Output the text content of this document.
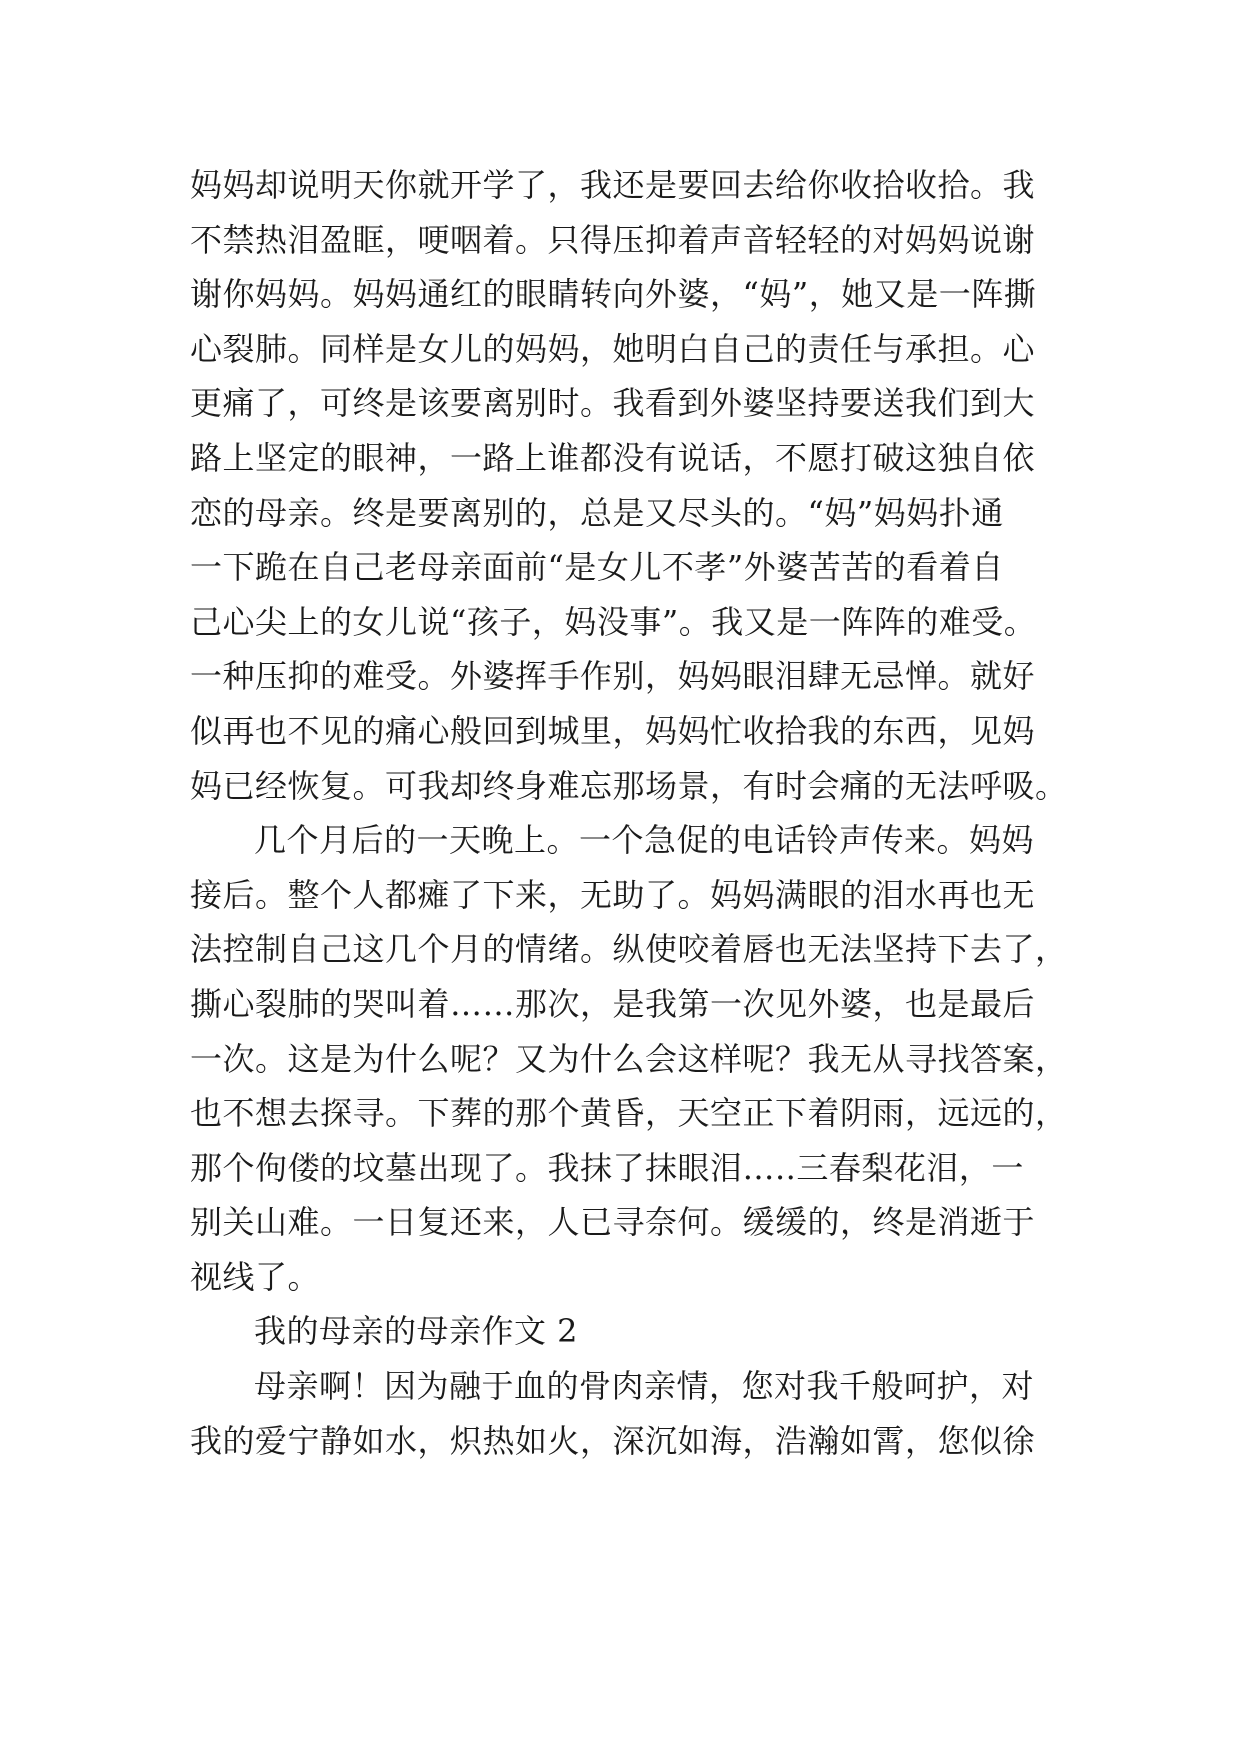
妈妈却说明天你就开学了，我还是要回去给你收拾收拾。我
不禁热泪盈眶，哽咽着。只得压抑着声音轻轻的对妈妈说谢
谢你妈妈。妈妈通红的眼睛转向外婆，“妈”，她又是一阵撕
心裂肺。同样是女儿的妈妈，她明白自己的责任与承担。心
更痛了，可终是该要离别时。我看到外婆坚持要送我们到大
路上坚定的眼神，一路上谁都没有说话，不愿打破这独自依
恋的母亲。终是要离别的，总是又尽头的。“妈”妈妈扑通
一下跪在自己老母亲面前“是女儿不孝”外婆苦苦的看着自
己心尖上的女儿说“孩子，妈没事”。我又是一阵阵的难受。
一种压抑的难受。外婆挥手作别，妈妈眼泪肆无忌惮。就好
似再也不见的痛心般回到城里，妈妈忙收拾我的东西，见妈
妈已经恢复。可我却终身难忘那场景，有时会痛的无法呼吸。
几个月后的一天晚上。一个急促的电话铃声传来。妈妈
接后。整个人都瘫了下来，无助了。妈妈满眼的泪水再也无
法控制自己这几个月的情绪。纵使咬着唇也无法坚持下去了，
撕心裂肺的哭叫着……那次，是我第一次见外婆，也是最后
一次。这是为什么呢？又为什么会这样呢？我无从寻找答案，
也不想去探寻。下葬的那个黄昏，天空正下着阴雨，远远的，
那个佝偻的坟墓出现了。我抹了抹眼泪…..三春梨花泪，一
别关山难。一日复还来，人已寻奈何。缓缓的，终是消逝于
视线了。
我的母亲的母亲作文 2
母亲啊！因为融于血的骨肉亲情，您对我千般呵护，对
我的爱宁静如水，炽热如火，深沉如海，浩瀚如霄，您似徐
